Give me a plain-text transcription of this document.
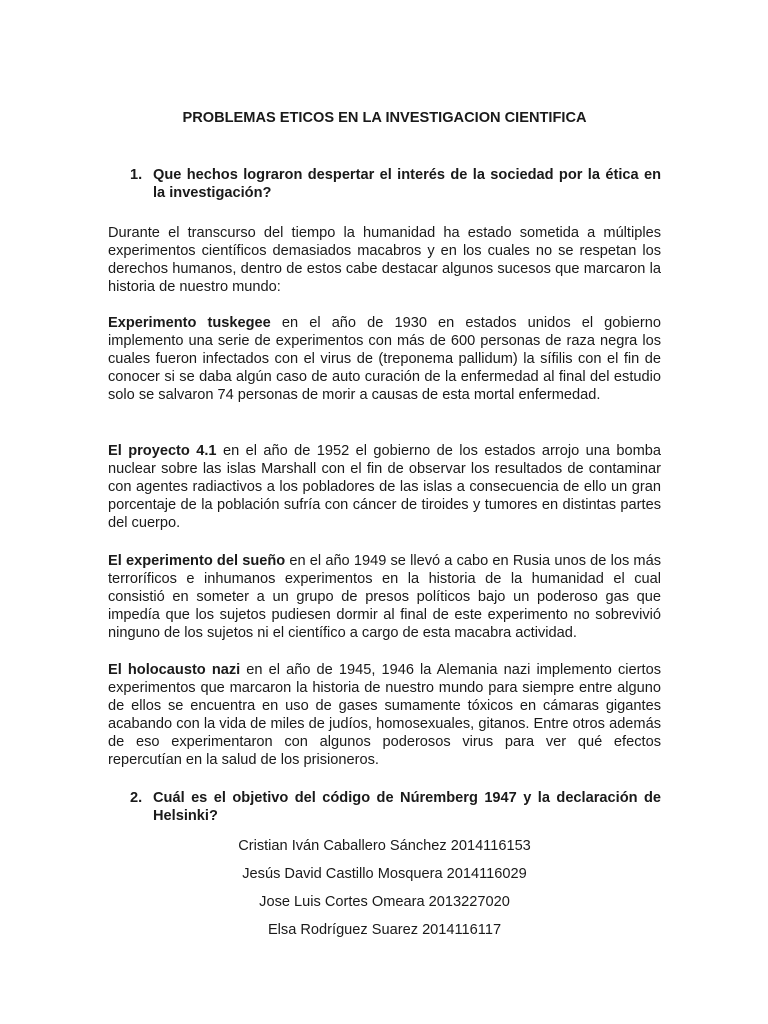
PROBLEMAS ETICOS EN LA INVESTIGACION CIENTIFICA
1. Que hechos lograron despertar el interés de la sociedad por la ética en la investigación?
Durante el transcurso del tiempo la humanidad ha estado sometida a múltiples experimentos científicos demasiados macabros y en los cuales no se respetan los derechos humanos, dentro de estos cabe destacar algunos sucesos que marcaron la historia de nuestro mundo:
Experimento tuskegee en el año de 1930 en estados unidos el gobierno implemento una serie de experimentos con más de 600 personas de raza negra los cuales fueron infectados con el virus de (treponema pallidum) la sífilis con el fin de conocer si se daba algún caso de auto curación de la enfermedad al final del estudio solo se salvaron 74 personas de morir a causas de esta mortal enfermedad.
El proyecto 4.1 en el año de 1952 el gobierno de los estados arrojo una bomba nuclear sobre las islas Marshall con el fin de observar los resultados de contaminar con agentes radiactivos a los pobladores de las islas a consecuencia de ello un gran porcentaje de la población sufría con cáncer de tiroides y tumores en distintas partes del cuerpo.
El experimento del sueño en el año 1949 se llevó a cabo en Rusia unos de los más terroríficos e inhumanos experimentos en la historia de la humanidad el cual consistió en someter a un grupo de presos políticos bajo un poderoso gas que impedía que los sujetos pudiesen dormir al final de este experimento no sobrevivió ninguno de los sujetos ni el científico a cargo de esta macabra actividad.
El holocausto nazi en el año de 1945, 1946 la Alemania nazi implemento ciertos experimentos que marcaron la historia de nuestro mundo para siempre entre alguno de ellos se encuentra en uso de gases sumamente tóxicos en cámaras gigantes acabando con la vida de miles de judíos, homosexuales, gitanos. Entre otros además de eso experimentaron con algunos poderosos virus para ver qué efectos repercutían en la salud de los prisioneros.
2. Cuál es el objetivo del código de Núremberg 1947 y la declaración de Helsinki?
Cristian Iván Caballero Sánchez 2014116153
Jesús David Castillo Mosquera 2014116029
Jose Luis Cortes Omeara 2013227020
Elsa Rodríguez Suarez 2014116117
